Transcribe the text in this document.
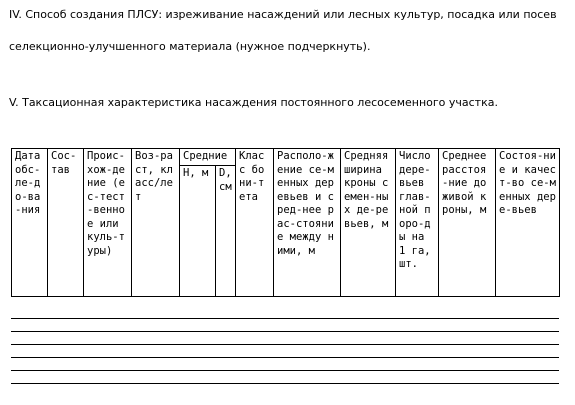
IV. Способ создания ПЛСУ: изреживание насаждений или лесных культур, посадка или посев
селекционно-улучшенного материала (нужное подчеркнуть).
V. Таксационная характеристика насаждения постоянного лесосеменного участка.
Дата обс-ле-до-ва-ния	Сос-тав	Проис-хож-дение (ес-тест-венное или куль-туры)	Воз-раст, класс/лет	Средние		Класс бони-тета	Располо-жение се-менных деревьев и сред-нее рас-стояние между ними, м	Средняя ширина кроны семен-ных де-ревьев, м	Число дере-вьев глав-ной поро-ды на 1 га, шт.	Среднее расстоя-ние до живой кроны, м	Состоя-ние и качест-во се-менных дере-вьев
				Н, м	D, см						
